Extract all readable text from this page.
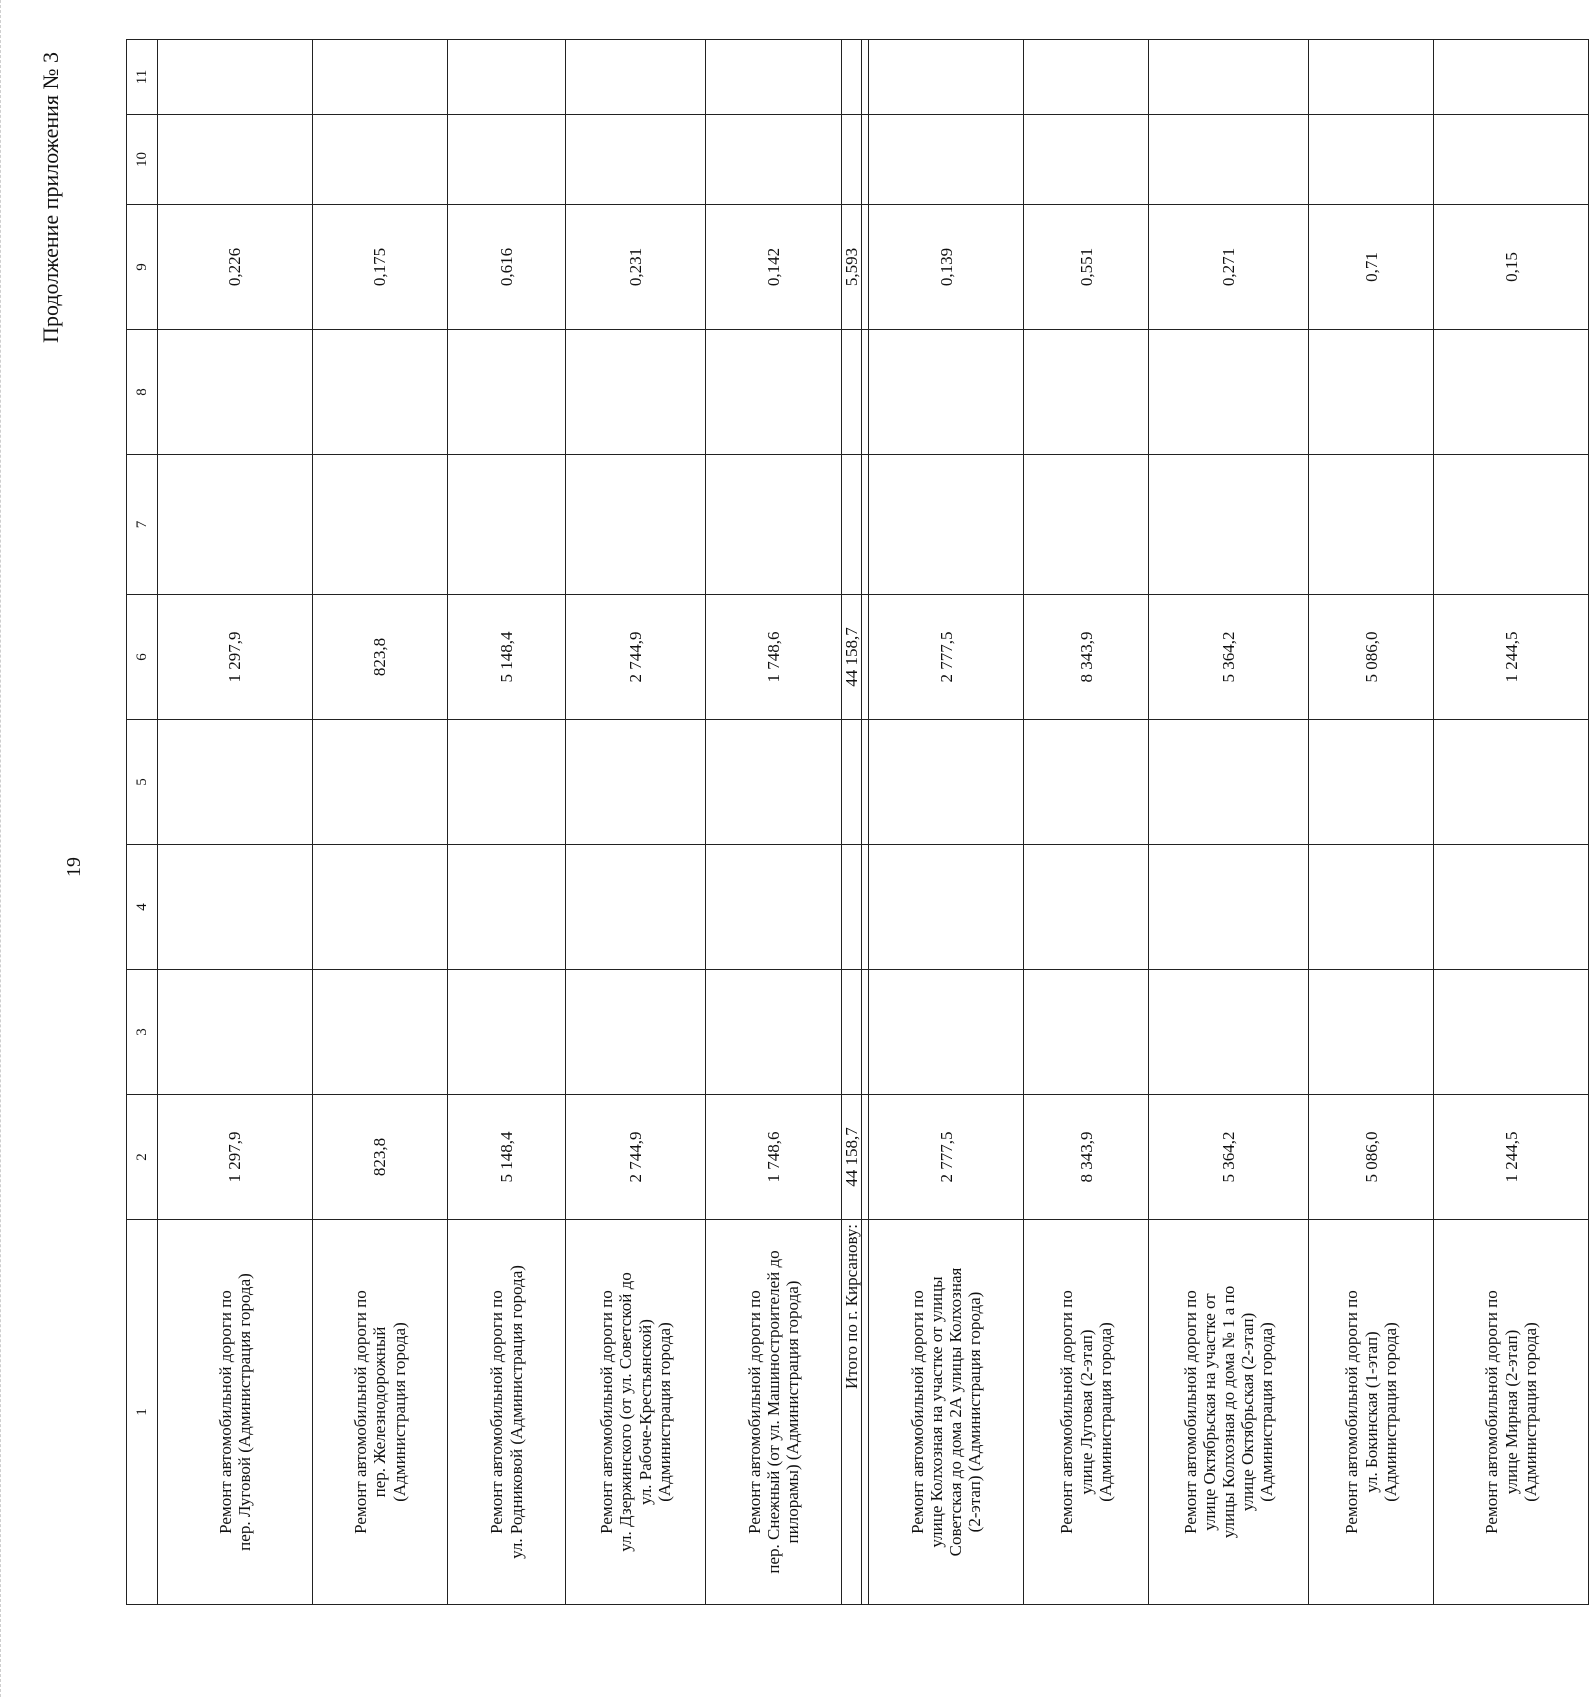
19
Продолжение приложения № 3
1	2	3	4	5	6	7	8	9	10	11

Ремонт автомобильной дороги по пер. Луговой (Администрация города)	1 297,9				1 297,9			0,226		

Ремонт автомобильной дороги по пер. Железнодорожный (Администрация города)	823,8				823,8			0,175		

Ремонт автомобильной дороги по ул. Родниковой (Администрация города)	5 148,4				5 148,4			0,616		

Ремонт автомобильной дороги по ул. Дзержинского (от ул. Советской до ул. Рабоче-Крестьянской) (Администрация города)	2 744,9				2 744,9			0,231		

Ремонт автомобильной дороги по пер. Снежный (от ул. Машиностроителей до пилорамы) (Администрация города)	1 748,6				1 748,6			0,142		
Итого по г. Кирсанову:	44 158,7				44 158,7			5,593		

Ремонт автомобильной дороги по улице Колхозная на участке от улицы Советская до дома 2А улицы Колхозная (2-этап) (Администрация города)	2 777,5				2 777,5			0,139		

Ремонт автомобильной дороги по улице Луговая (2-этап) (Администрация города)	8 343,9				8 343,9			0,551		

Ремонт автомобильной дороги по улице Октябрьская на участке от улицы Колхозная до дома № 1 а по улице Октябрьская (2-этап) (Администрация города)	5 364,2				5 364,2			0,271		

Ремонт автомобильной дороги по ул. Бокинская (1-этап) (Администрация города)	5 086,0				5 086,0			0,71		

Ремонт автомобильной дороги по улице Мирная (2-этап) (Администрация города)	1 244,5				1 244,5			0,15		
